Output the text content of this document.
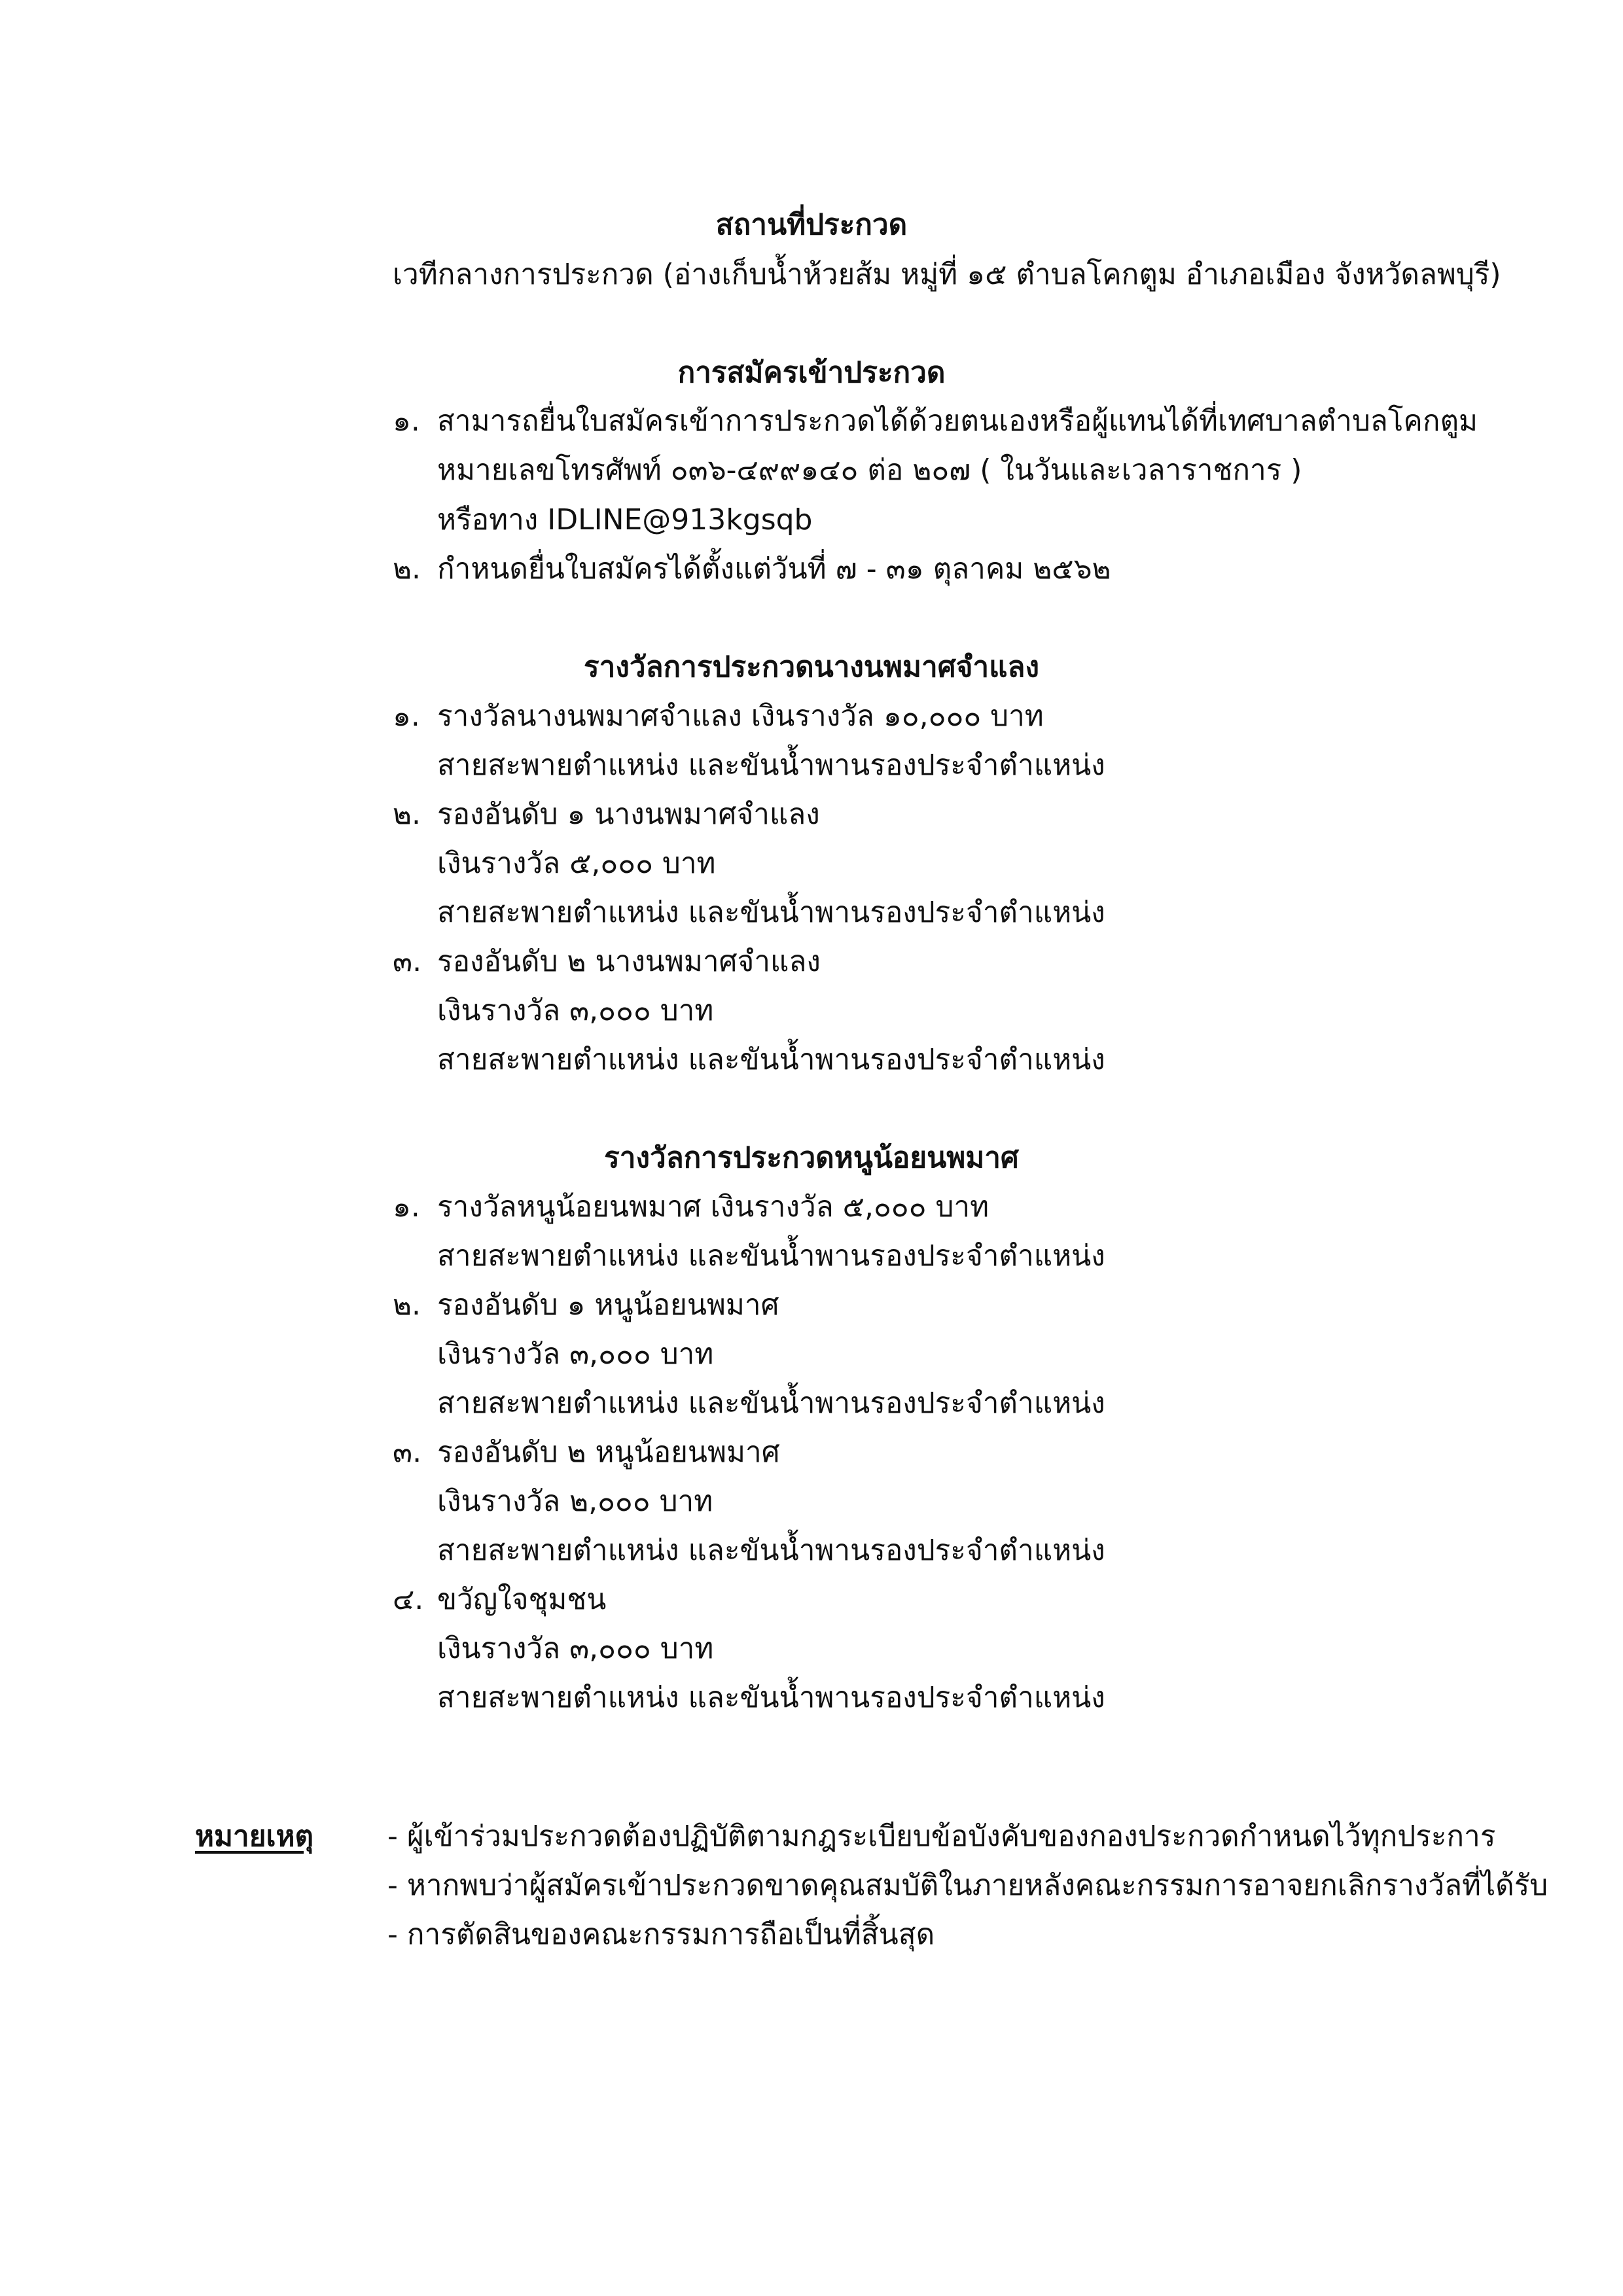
สถานที่ประกวด
เวทีกลางการประกวด (อ่างเก็บน้ำห้วยส้ม หมู่ที่ ๑๕ ตำบลโคกตูม อำเภอเมือง จังหวัดลพบุรี)
การสมัครเข้าประกวด
๑. สามารถยื่นใบสมัครเข้าการประกวดได้ด้วยตนเองหรือผู้แทนได้ที่เทศบาลตำบลโคกตูม
หมายเลขโทรศัพท์ ๐๓๖-๔๙๙๑๔๐ ต่อ ๒๐๗ ( ในวันและเวลาราชการ )
หรือทาง IDLINE@913kgsqb
๒. กำหนดยื่นใบสมัครได้ตั้งแต่วันที่ ๗ - ๓๑ ตุลาคม ๒๕๖๒
รางวัลการประกวดนางนพมาศจำแลง
๑. รางวัลนางนพมาศจำแลง เงินรางวัล ๑๐,๐๐๐ บาท
สายสะพายตำแหน่ง และขันน้ำพานรองประจำตำแหน่ง
๒. รองอันดับ ๑ นางนพมาศจำแลง
เงินรางวัล ๕,๐๐๐ บาท
สายสะพายตำแหน่ง และขันน้ำพานรองประจำตำแหน่ง
๓. รองอันดับ ๒ นางนพมาศจำแลง
เงินรางวัล ๓,๐๐๐ บาท
สายสะพายตำแหน่ง และขันน้ำพานรองประจำตำแหน่ง
รางวัลการประกวดหนูน้อยนพมาศ
๑. รางวัลหนูน้อยนพมาศ เงินรางวัล ๕,๐๐๐ บาท
สายสะพายตำแหน่ง และขันน้ำพานรองประจำตำแหน่ง
๒. รองอันดับ ๑ หนูน้อยนพมาศ
เงินรางวัล ๓,๐๐๐ บาท
สายสะพายตำแหน่ง และขันน้ำพานรองประจำตำแหน่ง
๓. รองอันดับ ๒ หนูน้อยนพมาศ
เงินรางวัล ๒,๐๐๐ บาท
สายสะพายตำแหน่ง และขันน้ำพานรองประจำตำแหน่ง
๔. ขวัญใจชุมชน
เงินรางวัล ๓,๐๐๐ บาท
สายสะพายตำแหน่ง และขันน้ำพานรองประจำตำแหน่ง
หมายเหตุ	- ผู้เข้าร่วมประกวดต้องปฏิบัติตามกฎระเบียบข้อบังคับของกองประกวดกำหนดไว้ทุกประการ
- หากพบว่าผู้สมัครเข้าประกวดขาดคุณสมบัติในภายหลังคณะกรรมการอาจยกเลิกรางวัลที่ได้รับ
- การตัดสินของคณะกรรมการถือเป็นที่สิ้นสุด
